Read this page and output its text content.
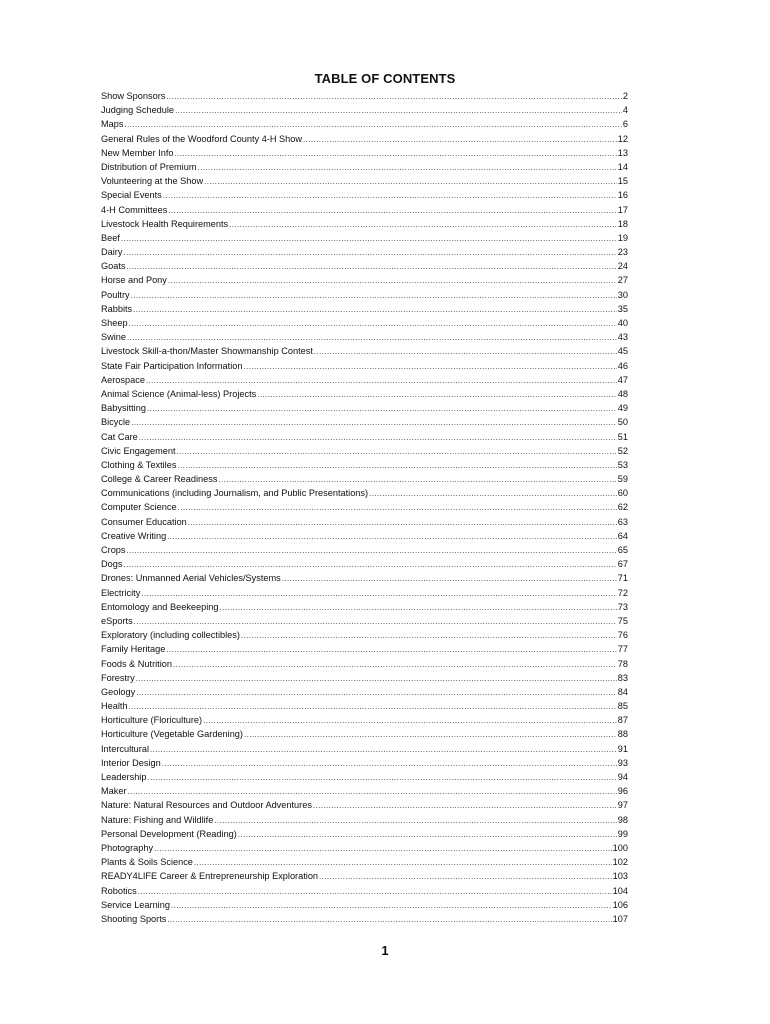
TABLE OF CONTENTS
Show Sponsors .....	2
Judging Schedule .....	4
Maps .....	6
General Rules of the Woodford County 4-H Show .....	12
New Member Info .....	13
Distribution of Premium .....	14
Volunteering at the Show .....	15
Special Events .....	16
4-H Committees .....	17
Livestock Health Requirements .....	18
Beef .....	19
Dairy .....	23
Goats .....	24
Horse and Pony .....	27
Poultry .....	30
Rabbits .....	35
Sheep .....	40
Swine .....	43
Livestock Skill-a-thon/Master Showmanship Contest .....	45
State Fair Participation Information .....	46
Aerospace .....	47
Animal Science (Animal-less) Projects .....	48
Babysitting .....	49
Bicycle .....	50
Cat Care .....	51
Civic Engagement .....	52
Clothing & Textiles .....	53
College & Career Readiness .....	59
Communications (including Journalism, and Public Presentations) .....	60
Computer Science .....	62
Consumer Education .....	63
Creative Writing .....	64
Crops .....	65
Dogs .....	67
Drones: Unmanned Aerial Vehicles/Systems .....	71
Electricity .....	72
Entomology and Beekeeping .....	73
eSports .....	75
Exploratory (including collectibles) .....	76
Family Heritage .....	77
Foods & Nutrition .....	78
Forestry .....	83
Geology .....	84
Health .....	85
Horticulture (Floriculture) .....	87
Horticulture (Vegetable Gardening) .....	88
Intercultural .....	91
Interior Design .....	93
Leadership .....	94
Maker .....	96
Nature: Natural Resources and Outdoor Adventures .....	97
Nature: Fishing and Wildlife .....	98
Personal Development (Reading) .....	99
Photography .....	100
Plants & Soils Science .....	102
READY4LIFE Career & Entrepreneurship Exploration .....	103
Robotics .....	104
Service Learning .....	106
Shooting Sports .....	107
1
